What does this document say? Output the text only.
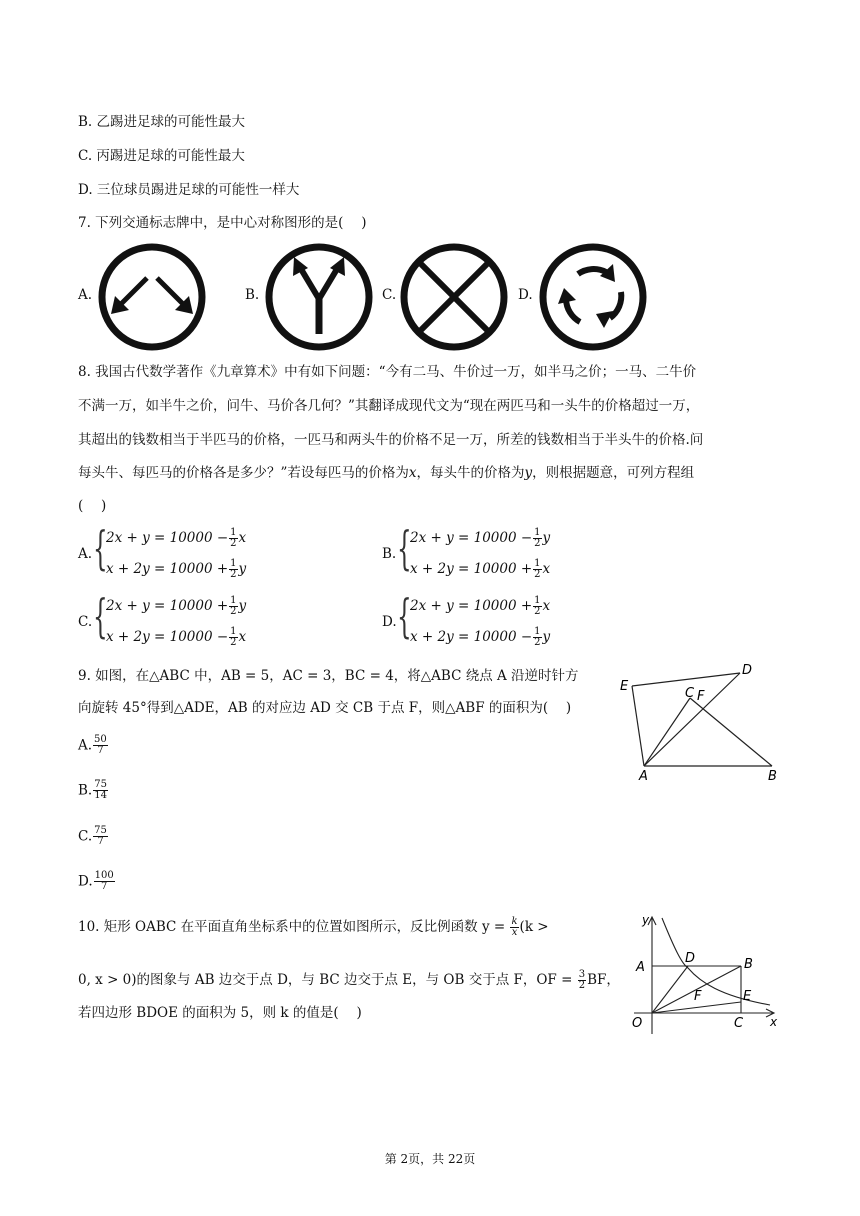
B. 乙踢进足球的可能性最大
C. 丙踢进足球的可能性最大
D. 三位球员踢进足球的可能性一样大
7. 下列交通标志牌中，是中心对称图形的是(　 )
A.	B.	C.	D.
8. 我国古代数学著作《九章算术》中有如下问题：“今有二马、牛价过一万，如半马之价；一马、二牛价
不满一万，如半牛之价，问牛、马价各几何？”其翻译成现代文为“现在两匹马和一头牛的价格超过一万，
其超出的钱数相当于半匹马的价格，一匹马和两头牛的价格不足一万，所差的钱数相当于半头牛的价格.问
每头牛、每匹马的价格各是多少？”若设每匹马的价格为x，每头牛的价格为y，则根据题意，可列方程组
(　 )
A. {
$2x + y = 10000 - \frac{1}{2}$ x
$x + 2y = 10000 + \frac{1}{2}$ y
B. {
$2x + y = 10000 - \frac{1}{2}$ y
$x + 2y = 10000 + \frac{1}{2}$ x
C. {
$2x + y = 10000 + \frac{1}{2}$ y
$x + 2y = 10000 - \frac{1}{2}$ x
D. {
$2x + y = 10000 + \frac{1}{2}$ x
$x + 2y = 10000 - \frac{1}{2}$ y
9. 如图，在△ABC 中，AB = 5，AC = 3，BC = 4，将△ABC 绕点 A 沿逆时针方
向旋转 45°得到△ADE，AB 的对应边 AD 交 CB 于点 F，则△ABF 的面积为(　 )
A. $\frac{50}{7}$
B. $\frac{75}{14}$
C. $\frac{75}{7}$
D. $\frac{100}{7}$
E
D
C F
A	B
10. 矩形 OABC 在平面直角坐标系中的位置如图所示，反比例函数 $y = \frac{k}{x} (k$ >
0, x > 0)的图象与 AB 边交于点 D，与 BC 边交于点 E，与 OB 交于点 F，OF = $\frac{3}{2}$ BF，
若四边形 BDOE 的面积为 5，则 k 的值是(　 )
y
D
A	B
F	E
O	C x
第 2页，共 22页
